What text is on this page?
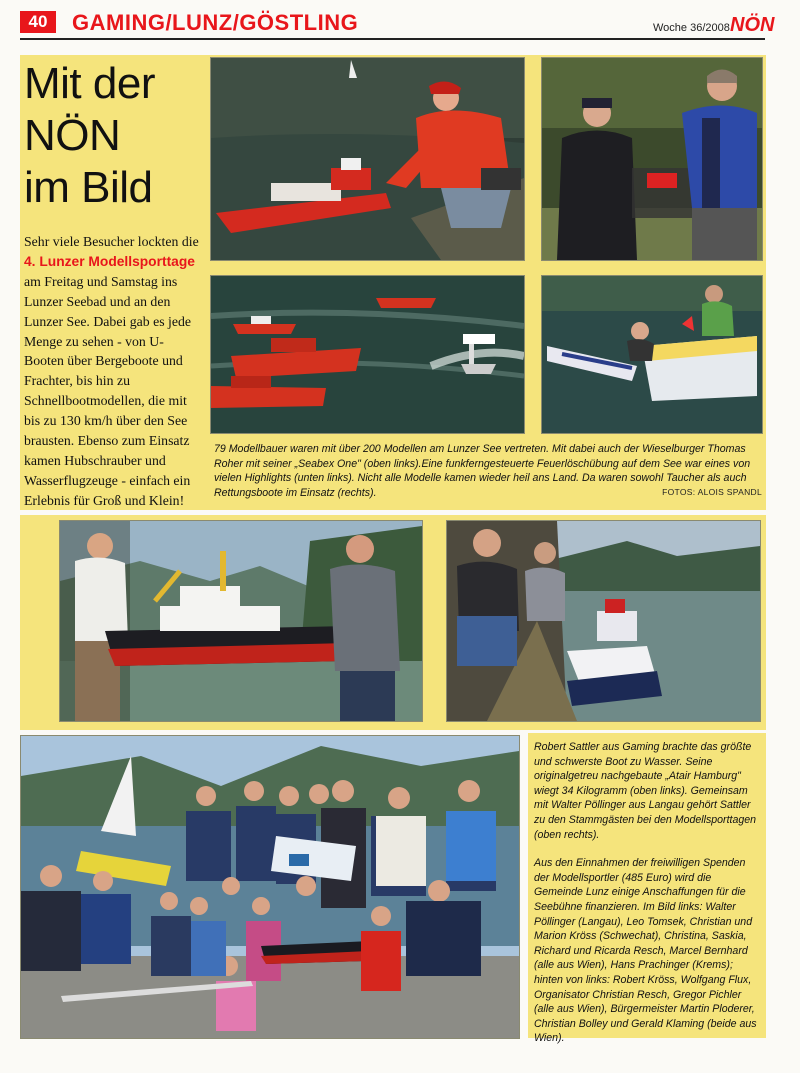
40	GAMING/LUNZ/GÖSTLING	Woche 36/2008 NÖN
Mit der
NÖN
im Bild
Sehr viele Besucher lockten die 4. Lunzer Modellsporttage am Freitag und Samstag ins Lunzer Seebad und an den Lunzer See. Dabei gab es jede Menge zu sehen - von U-Booten über Bergeboote und Frachter, bis hin zu Schnellbootmodellen, die mit bis zu 130 km/h über den See brausten. Ebenso zum Einsatz kamen Hubschrauber und Wasserflugzeuge - einfach ein Erlebnis für Groß und Klein!
79 Modellbauer waren mit über 200 Modellen am Lunzer See vertreten. Mit dabei auch der Wieselburger Thomas Roher mit seiner „Seabex One" (oben links).Eine funkferngesteuerte Feuerlöschübung auf dem See war eines von vielen Highlights (unten links). Nicht alle Modelle kamen wieder heil ans Land. Da waren sowohl Taucher als auch Rettungsboote im Einsatz (rechts).	FOTOS: ALOIS SPANDL

Robert Sattler aus Gaming brachte das größte und schwerste Boot zu Wasser. Seine originalgetreu nachgebaute „Atair Hamburg" wiegt 34 Kilogramm (oben links). Gemeinsam mit Walter Pöllinger aus Langau gehört Sattler zu den Stammgästen bei den Modellsporttagen (oben rechts).

Aus den Einnahmen der freiwilligen Spenden der Modellsportler (485 Euro) wird die Gemeinde Lunz einige Anschaffungen für die Seebühne finanzieren. Im Bild links: Walter Pöllinger (Langau), Leo Tomsek, Christian und Marion Kröss (Schwechat), Christina, Saskia, Richard und Ricarda Resch, Marcel Bernhard (alle aus Wien), Hans Prachinger (Krems); hinten von links: Robert Kröss, Wolfgang Flux, Organisator Christian Resch, Gregor Pichler (alle aus Wien), Bürgermeister Martin Ploderer, Christian Bolley und Gerald Klaming (beide aus Wien).
